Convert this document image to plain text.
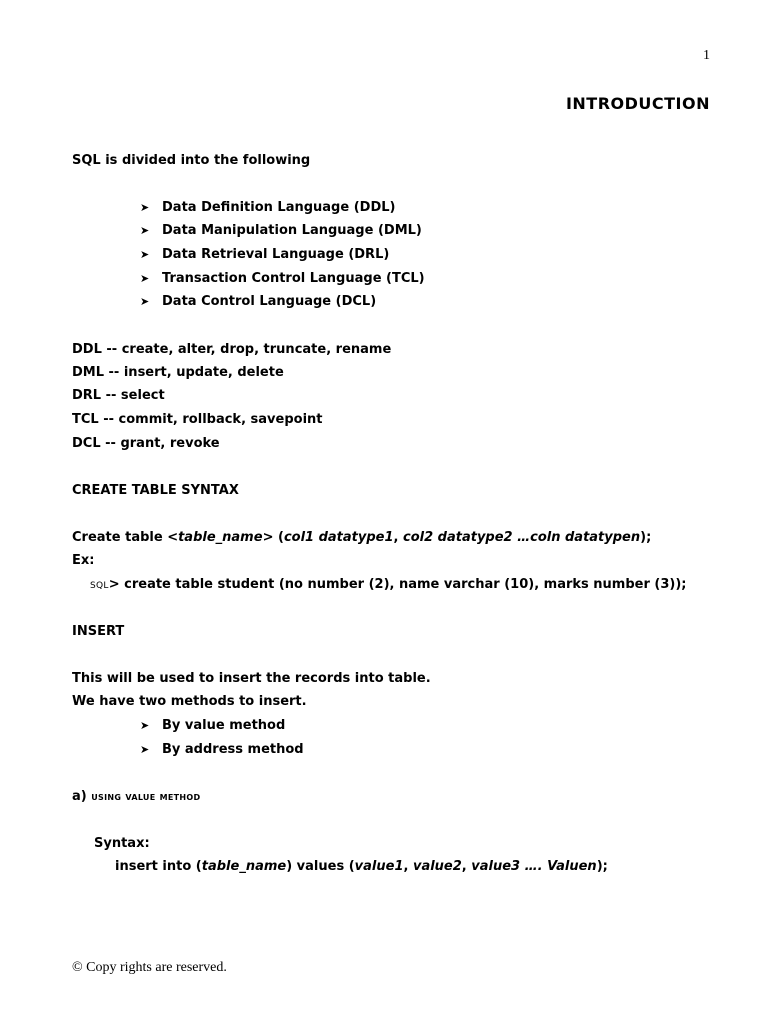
1
INTRODUCTION
SQL is divided into the following
➤ Data Definition Language (DDL)
➤ Data Manipulation Language (DML)
➤ Data Retrieval Language (DRL)
➤ Transaction Control Language (TCL)
➤ Data Control Language (DCL)
DDL -- create, alter, drop, truncate, rename
DML -- insert, update, delete
DRL -- select
TCL -- commit, rollback, savepoint
DCL -- grant, revoke
CREATE TABLE SYNTAX
Create table <table_name> (col1 datatype1, col2 datatype2 …coln datatypen);
Ex:
SQL> create table student (no number (2), name varchar (10), marks number (3));
INSERT
This will be used to insert the records into table.
We have two methods to insert.
➤ By value method
➤ By address method
a) using value method
Syntax:
insert into (table_name) values (value1, value2, value3 …. Valuen);
© Copy rights are reserved.
